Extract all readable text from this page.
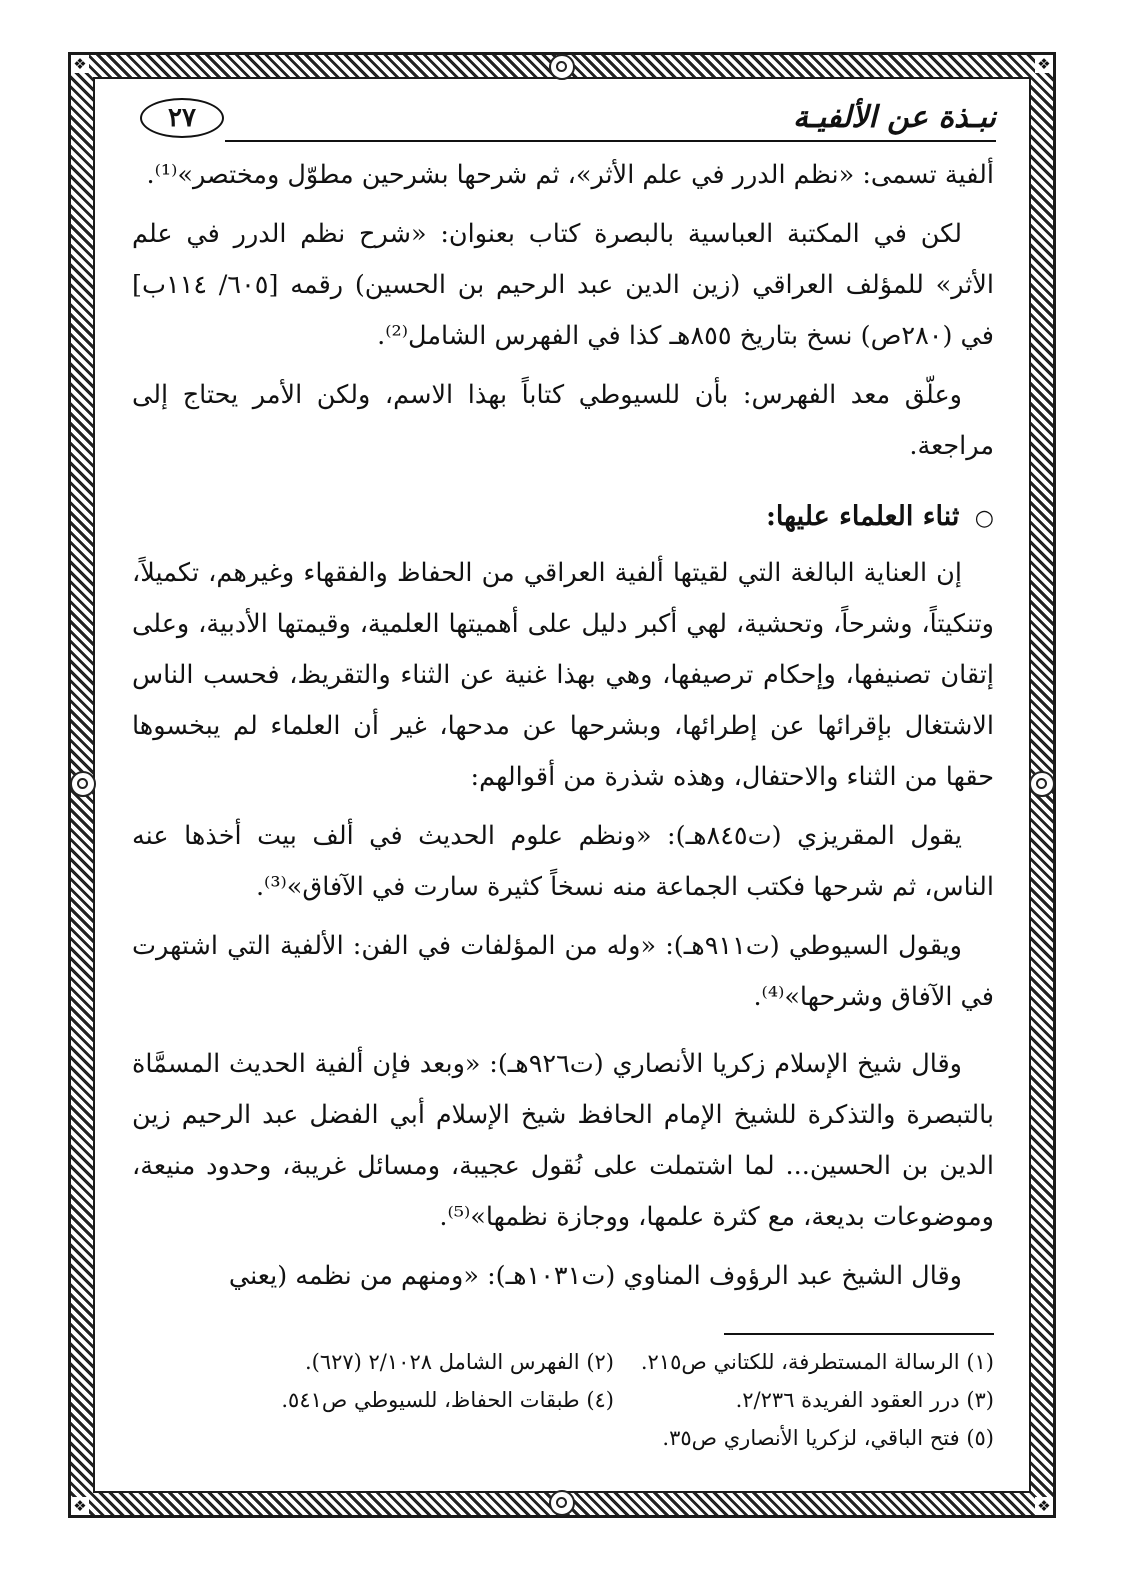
❖	❖
❖	❖
٢٧	نبـذة عن الألفيـة

ألفية تسمى: «نظم الدرر في علم الأثر»، ثم شرحها بشرحين مطوّل ومختصر»⁽¹⁾.

لكن في المكتبة العباسية بالبصرة كتاب بعنوان: «شرح نظم الدرر في علم الأثر» للمؤلف العراقي (زين الدين عبد الرحيم بن الحسين) رقمه [٦٠٥/ ١١٤ب] في (٢٨٠ص) نسخ بتاريخ ٨٥٥هـ كذا في الفهرس الشامل⁽²⁾.

وعلّق معد الفهرس: بأن للسيوطي كتاباً بهذا الاسم، ولكن الأمر يحتاج إلى مراجعة.

○ ثناء العلماء عليها:

إن العناية البالغة التي لقيتها ألفية العراقي من الحفاظ والفقهاء وغيرهم، تكميلاً، وتنكيتاً، وشرحاً، وتحشية، لهي أكبر دليل على أهميتها العلمية، وقيمتها الأدبية، وعلى إتقان تصنيفها، وإحكام ترصيفها، وهي بهذا غنية عن الثناء والتقريظ، فحسب الناس الاشتغال بإقرائها عن إطرائها، وبشرحها عن مدحها، غير أن العلماء لم يبخسوها حقها من الثناء والاحتفال، وهذه شذرة من أقوالهم:

يقول المقريزي (ت٨٤٥هـ): «ونظم علوم الحديث في ألف بيت أخذها عنه الناس، ثم شرحها فكتب الجماعة منه نسخاً كثيرة سارت في الآفاق»⁽³⁾.

ويقول السيوطي (ت٩١١هـ): «وله من المؤلفات في الفن: الألفية التي اشتهرت في الآفاق وشرحها»⁽⁴⁾.

وقال شيخ الإسلام زكريا الأنصاري (ت٩٢٦هـ): «وبعد فإن ألفية الحديث المسمَّاة بالتبصرة والتذكرة للشيخ الإمام الحافظ شيخ الإسلام أبي الفضل عبد الرحيم زين الدين بن الحسين... لما اشتملت على نُقول عجيبة، ومسائل غريبة، وحدود منيعة، وموضوعات بديعة، مع كثرة علمها، ووجازة نظمها»⁽⁵⁾.

وقال الشيخ عبد الرؤوف المناوي (ت١٠٣١هـ): «ومنهم من نظمه (يعني

(١) الرسالة المستطرفة، للكتاني ص٢١٥.
(٢) الفهرس الشامل ٢/١٠٢٨ (٦٢٧).
(٣) درر العقود الفريدة ٢/٢٣٦.
(٤) طبقات الحفاظ، للسيوطي ص٥٤١.
(٥) فتح الباقي، لزكريا الأنصاري ص٣٥.
